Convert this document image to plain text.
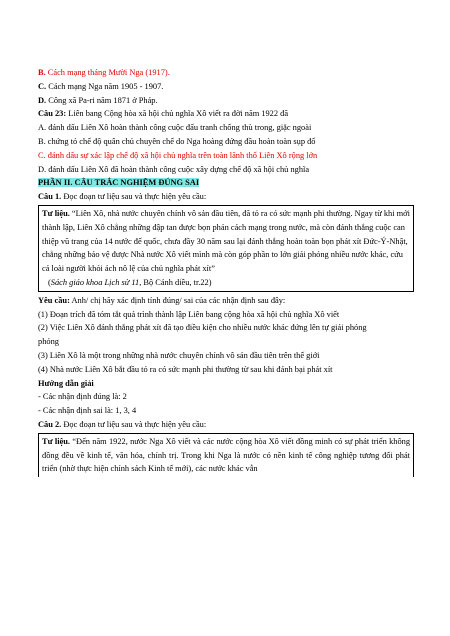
B. Cách mạng tháng Mười Nga (1917).
C. Cách mạng Nga năm 1905 - 1907.
D. Công xã Pa-ri năm 1871 ở Pháp.
Câu 23: Liên bang Cộng hòa xã hội chủ nghĩa Xô viết ra đời năm 1922 đã
A. đánh dấu Liên Xô hoàn thành công cuộc đấu tranh chống thù trong, giặc ngoài
B. chứng tỏ chế độ quân chủ chuyên chế do Nga hoàng đứng đầu hoàn toàn sụp đổ
C. đánh dấu sự xác lập chế độ xã hội chủ nghĩa trên toàn lãnh thổ Liên Xô rộng lớn
D. đánh dấu Liên Xô đã hoàn thành công cuộc xây dựng chế độ xã hội chủ nghĩa
PHẦN II. CÂU TRẮC NGHIỆM ĐÚNG SAI
Câu 1. Đọc đoạn tư liệu sau và thực hiện yêu cầu:
Tư liệu. “Liên Xô, nhà nước chuyên chính vô sản đầu tiên, đã tỏ ra có sức mạnh phi thường. Ngay từ khi mới thành lập, Liên Xô chẳng những đập tan được bọn phản cách mạng trong nước, mà còn đánh thắng cuộc can thiệp vũ trang của 14 nước đế quốc, chưa đầy 30 năm sau lại đánh thắng hoàn toàn bọn phát xít Đức-Ý-Nhật, chẳng những bảo vệ được Nhà nước Xô viết mình mà còn góp phần to lớn giải phóng nhiều nước khác, cứu cả loài người khỏi ách nô lệ của chủ nghĩa phát xít”
(Sách giáo khoa Lịch sử 11, Bộ Cánh diều, tr.22)
Yêu cầu: Anh/ chị hãy xác định tính đúng/ sai của các nhận định sau đây:
(1) Đoạn trích đã tóm tắt quả trình thành lập Liên bang cộng hòa xã hội chủ nghĩa Xô viết
(2) Việc Liên Xô đánh thắng phát xít đã tạo điều kiện cho nhiều nước khác đứng lên tự giải phóng
phóng
(3) Liên Xô là một trong những nhà nước chuyên chính vô sản đầu tiên trên thế giới
(4) Nhà nước Liên Xô bắt đầu tỏ ra có sức mạnh phi thường từ sau khi đánh bại phát xít
Hướng dẫn giải
- Các nhận định đúng là: 2
- Các nhận định sai là: 1, 3, 4
Câu 2. Đọc đoạn tư liệu sau và thực hiện yêu cầu:
Tư liệu. “Đến năm 1922, nước Nga Xô viết và các nước cộng hòa Xô viết đồng minh có sự phát triển không đồng đều về kinh tế, văn hóa, chính trị. Trong khi Nga là nước có nền kinh tế công nghiệp tương đối phát triển (nhờ thực hiện chính sách Kinh tế mới), các nước khác vẫn
